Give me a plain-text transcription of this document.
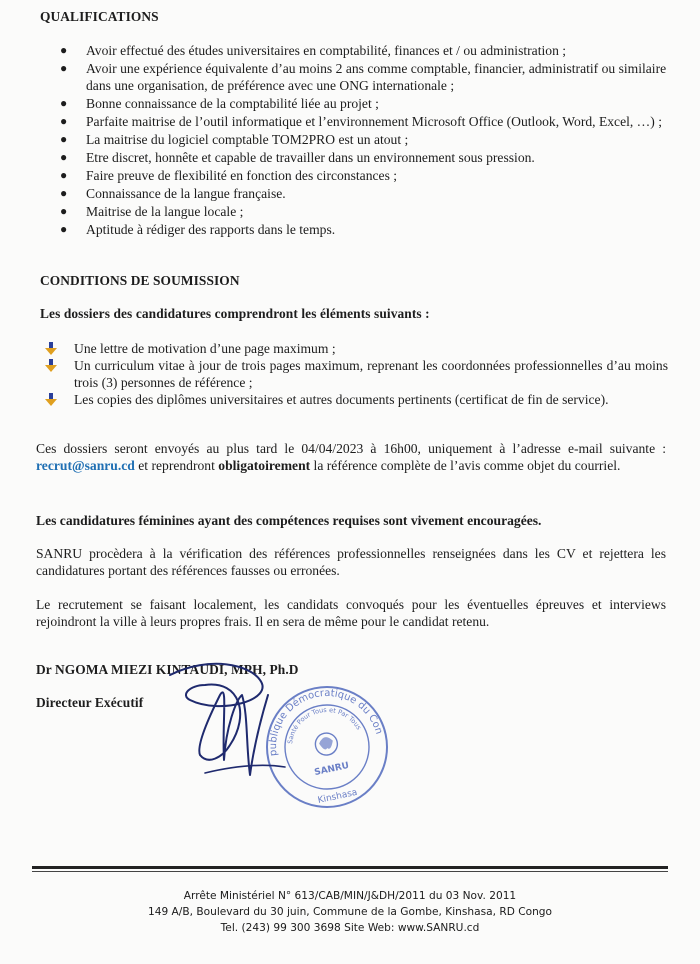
QUALIFICATIONS
● Avoir effectué des études universitaires en comptabilité, finances et / ou administration ;
● Avoir une expérience équivalente d’au moins 2 ans comme comptable, financier, administratif ou similaire dans une organisation, de préférence avec une ONG internationale ;
● Bonne connaissance de la comptabilité liée au projet ;
● Parfaite maitrise de l’outil informatique et l’environnement Microsoft Office (Outlook, Word, Excel, …) ;
● La maitrise du logiciel comptable TOM2PRO est un atout ;
● Etre discret, honnête et capable de travailler dans un environnement sous pression.
● Faire preuve de flexibilité en fonction des circonstances ;
● Connaissance de la langue française.
● Maitrise de la langue locale ;
● Aptitude à rédiger des rapports dans le temps.
CONDITIONS DE SOUMISSION
Les dossiers des candidatures comprendront les éléments suivants :
Une lettre de motivation d’une page maximum ;
Un curriculum vitae à jour de trois pages maximum, reprenant les coordonnées professionnelles d’au moins trois (3) personnes de référence ;
Les copies des diplômes universitaires et autres documents pertinents (certificat de fin de service).
Ces dossiers seront envoyés au plus tard le 04/04/2023 à 16h00, uniquement à l’adresse e-mail suivante : recrut@sanru.cd et reprendront obligatoirement la référence complète de l’avis comme objet du courriel.
Les candidatures féminines ayant des compétences requises sont vivement encouragées.
SANRU procèdera à la vérification des références professionnelles renseignées dans les CV et rejettera les candidatures portant des références fausses ou erronées.
Le recrutement se faisant localement, les candidats convoqués pour les éventuelles épreuves et interviews rejoindront la ville à leurs propres frais. Il en sera de même pour le candidat retenu.
Dr NGOMA MIEZI KINTAUDI, MPH, Ph.D
Directeur Exécutif
République Démocratique du Congo
Santé Pour Tous et Par Tous
SANRU
Kinshasa
Arrête Ministériel N° 613/CAB/MIN/J&DH/2011 du 03 Nov. 2011
149 A/B, Boulevard du 30 juin, Commune de la Gombe, Kinshasa, RD Congo
Tel. (243) 99 300 3698 Site Web: www.SANRU.cd
